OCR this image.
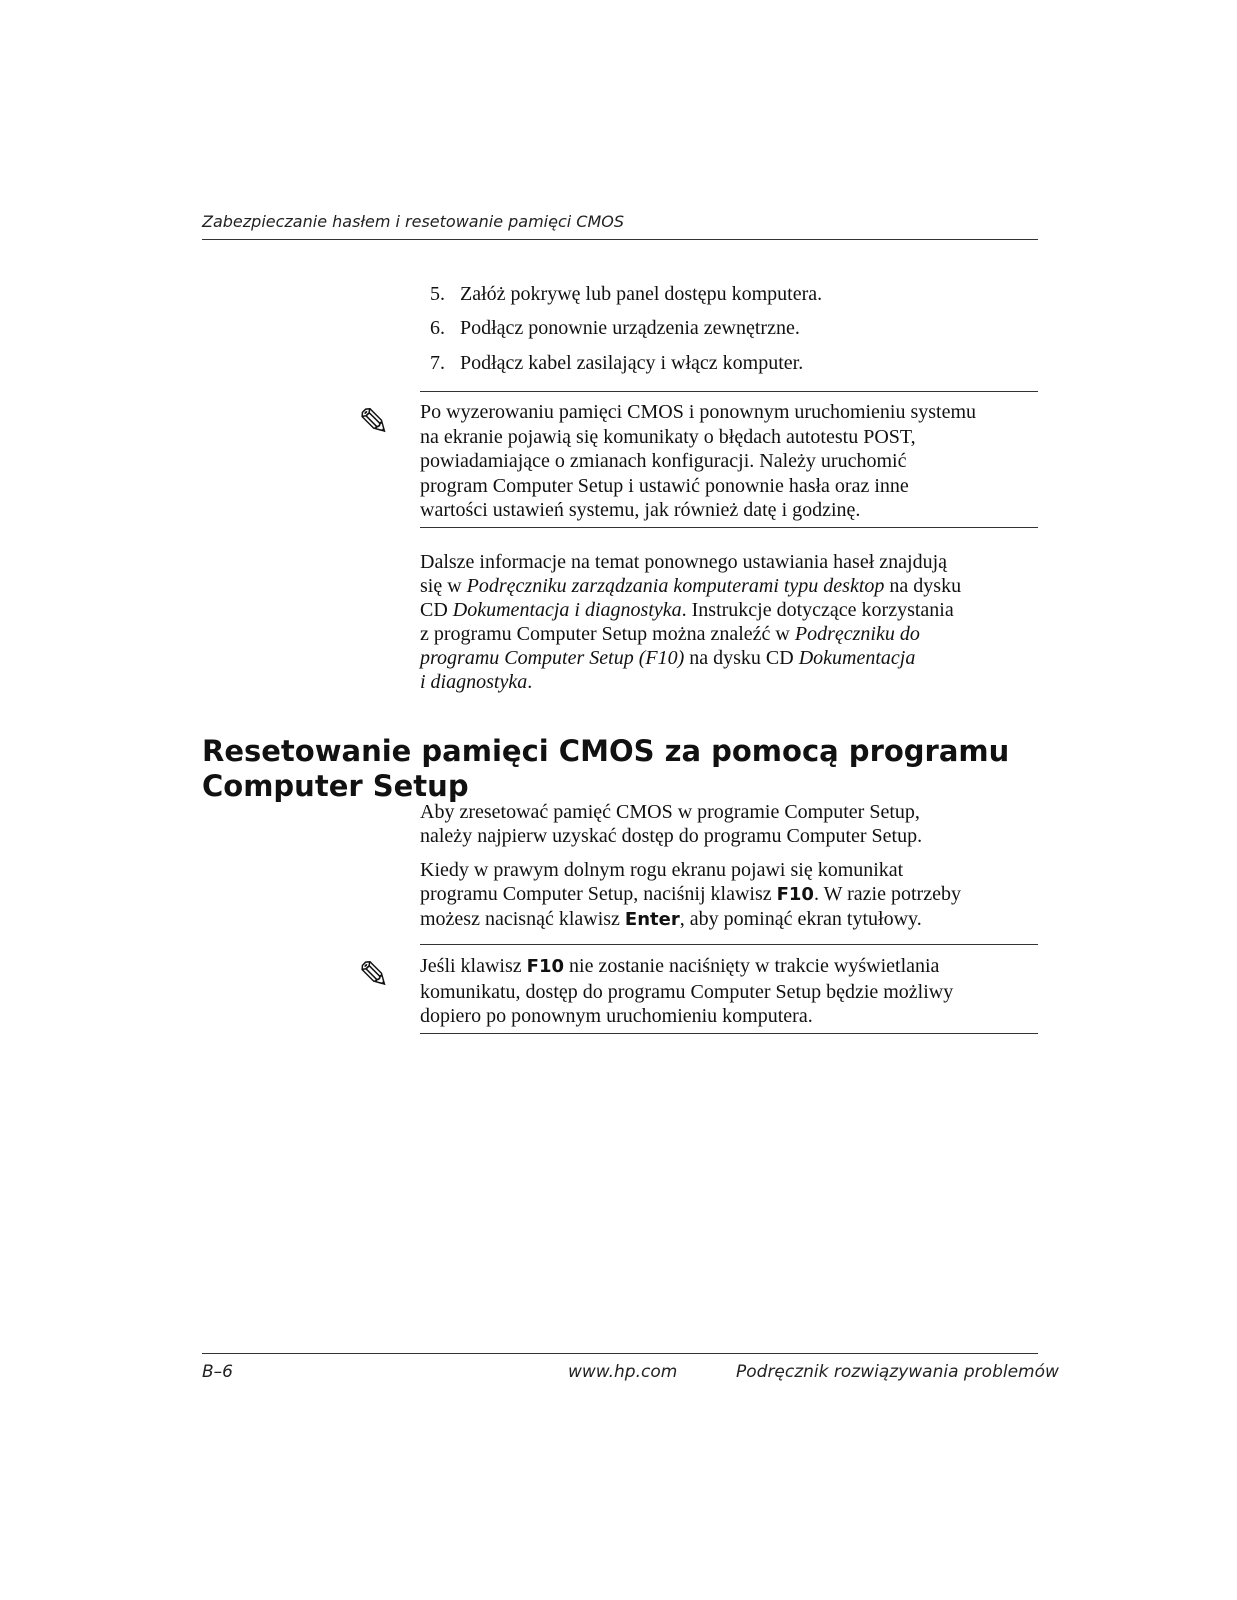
Zabezpieczanie hasłem i resetowanie pamięci CMOS
5. Załóż pokrywę lub panel dostępu komputera.
6. Podłącz ponownie urządzenia zewnętrzne.
7. Podłącz kabel zasilający i włącz komputer.
✎	Po wyzerowaniu pamięci CMOS i ponownym uruchomieniu systemu
na ekranie pojawią się komunikaty o błędach autotestu POST,
powiadamiające o zmianach konfiguracji. Należy uruchomić
program Computer Setup i ustawić ponownie hasła oraz inne
wartości ustawień systemu, jak również datę i godzinę.
Dalsze informacje na temat ponownego ustawiania haseł znajdują
się w Podręczniku zarządzania komputerami typu desktop na dysku
CD Dokumentacja i diagnostyka. Instrukcje dotyczące korzystania
z programu Computer Setup można znaleźć w Podręczniku do
programu Computer Setup (F10) na dysku CD Dokumentacja
i diagnostyka.
Resetowanie pamięci CMOS za pomocą programu
Computer Setup
Aby zresetować pamięć CMOS w programie Computer Setup,
należy najpierw uzyskać dostęp do programu Computer Setup.
Kiedy w prawym dolnym rogu ekranu pojawi się komunikat
programu Computer Setup, naciśnij klawisz F10. W razie potrzeby
możesz nacisnąć klawisz Enter, aby pominąć ekran tytułowy.
✎	Jeśli klawisz F10 nie zostanie naciśnięty w trakcie wyświetlania
komunikatu, dostęp do programu Computer Setup będzie możliwy
dopiero po ponownym uruchomieniu komputera.
B–6	www.hp.com	Podręcznik rozwiązywania problemów
